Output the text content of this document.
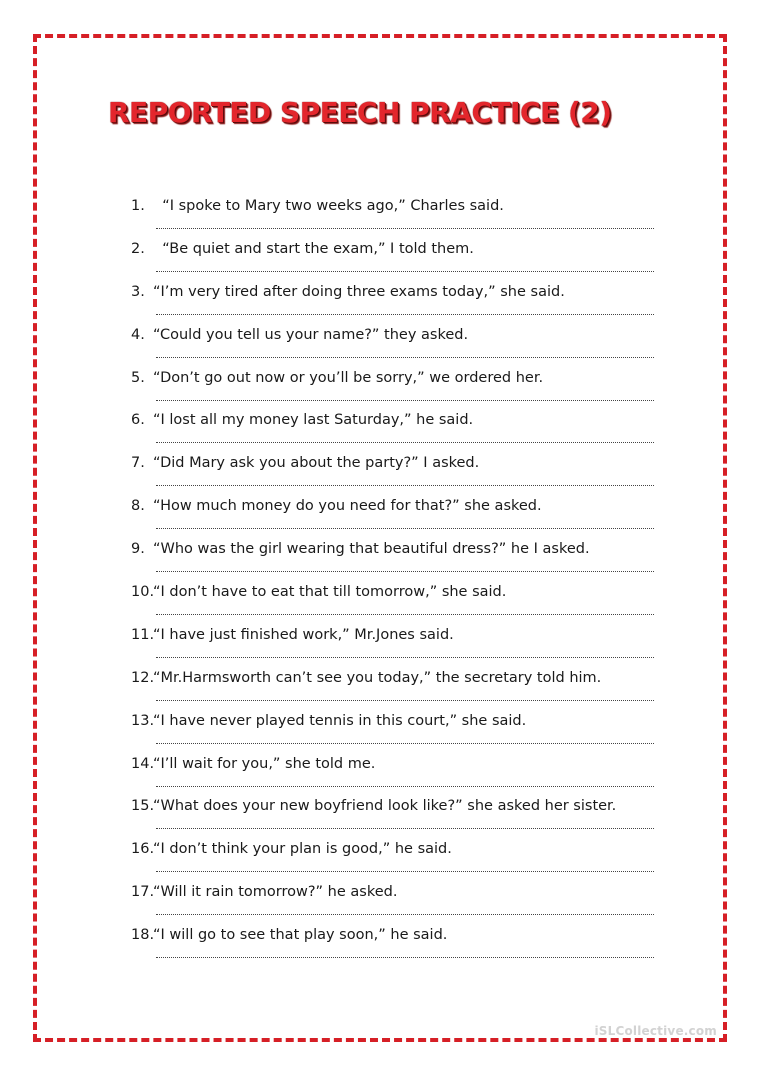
REPORTED SPEECH PRACTICE (2)
1. “I spoke to Mary two weeks ago,” Charles said.
2. “Be quiet and start the exam,” I told them.
3. “I’m very tired after doing three exams today,” she said.
4. “Could you tell us your name?” they asked.
5. “Don’t go out now or you’ll be sorry,” we ordered her.
6. “I lost all my money last Saturday,” he said.
7. “Did Mary ask you about the party?” I asked.
8. “How much money do you need for that?” she asked.
9. “Who was the girl wearing that beautiful dress?” he I asked.
10.
“I don’t have to eat that till tomorrow,” she said.
11.
“I have just finished work,” Mr.Jones said.
12.
“Mr.Harmsworth can’t see you today,” the secretary told him.
13.
“I have never played tennis in this court,” she said.
14.
“I’ll wait for you,” she told me.
15.
“What does your new boyfriend look like?” she asked her sister.
16.
“I don’t think your plan is good,” he said.
17.
“Will it rain tomorrow?” he asked.
18.
“I will go to see that play soon,” he said.
iSLCollective.com
